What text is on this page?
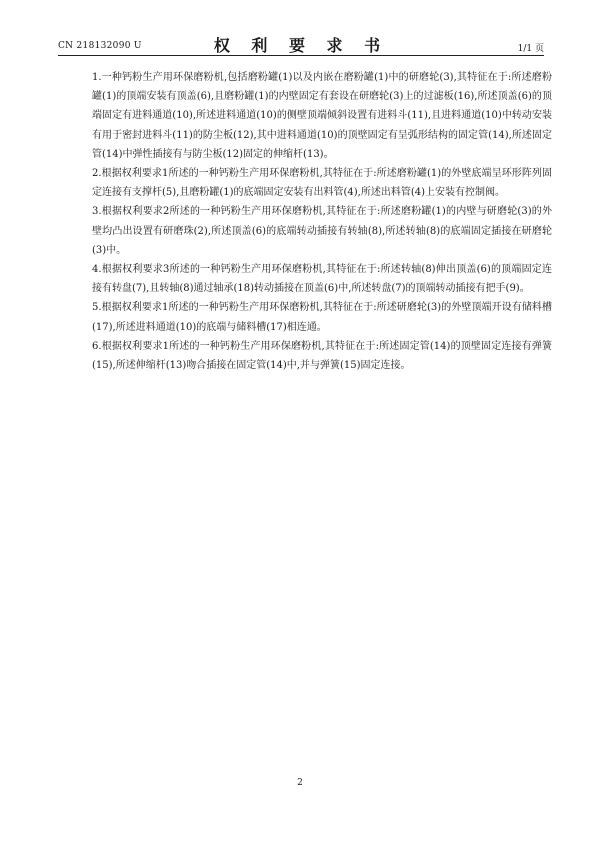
CN 218132090 U	权 利 要 求 书	1/1 页

1.一种钙粉生产用环保磨粉机,包括磨粉罐(1)以及内嵌在磨粉罐(1)中的研磨轮(3),其特征在于:所述磨粉罐(1)的顶端安装有顶盖(6),且磨粉罐(1)的内壁固定有套设在研磨轮(3)上的过滤板(16),所述顶盖(6)的顶端固定有进料通道(10),所述进料通道(10)的侧壁顶端倾斜设置有进料斗(11),且进料通道(10)中转动安装有用于密封进料斗(11)的防尘板(12),其中进料通道(10)的顶壁固定有呈弧形结构的固定管(14),所述固定管(14)中弹性插接有与防尘板(12)固定的伸缩杆(13)。

2.根据权利要求1所述的一种钙粉生产用环保磨粉机,其特征在于:所述磨粉罐(1)的外壁底端呈环形阵列固定连接有支撑杆(5),且磨粉罐(1)的底端固定安装有出料管(4),所述出料管(4)上安装有控制阀。

3.根据权利要求2所述的一种钙粉生产用环保磨粉机,其特征在于:所述磨粉罐(1)的内壁与研磨轮(3)的外壁均凸出设置有研磨珠(2),所述顶盖(6)的底端转动插接有转轴(8),所述转轴(8)的底端固定插接在研磨轮(3)中。

4.根据权利要求3所述的一种钙粉生产用环保磨粉机,其特征在于:所述转轴(8)伸出顶盖(6)的顶端固定连接有转盘(7),且转轴(8)通过轴承(18)转动插接在顶盖(6)中,所述转盘(7)的顶端转动插接有把手(9)。

5.根据权利要求1所述的一种钙粉生产用环保磨粉机,其特征在于:所述研磨轮(3)的外壁顶端开设有储料槽(17),所述进料通道(10)的底端与储料槽(17)相连通。

6.根据权利要求1所述的一种钙粉生产用环保磨粉机,其特征在于:所述固定管(14)的顶壁固定连接有弹簧(15),所述伸缩杆(13)吻合插接在固定管(14)中,并与弹簧(15)固定连接。

2
